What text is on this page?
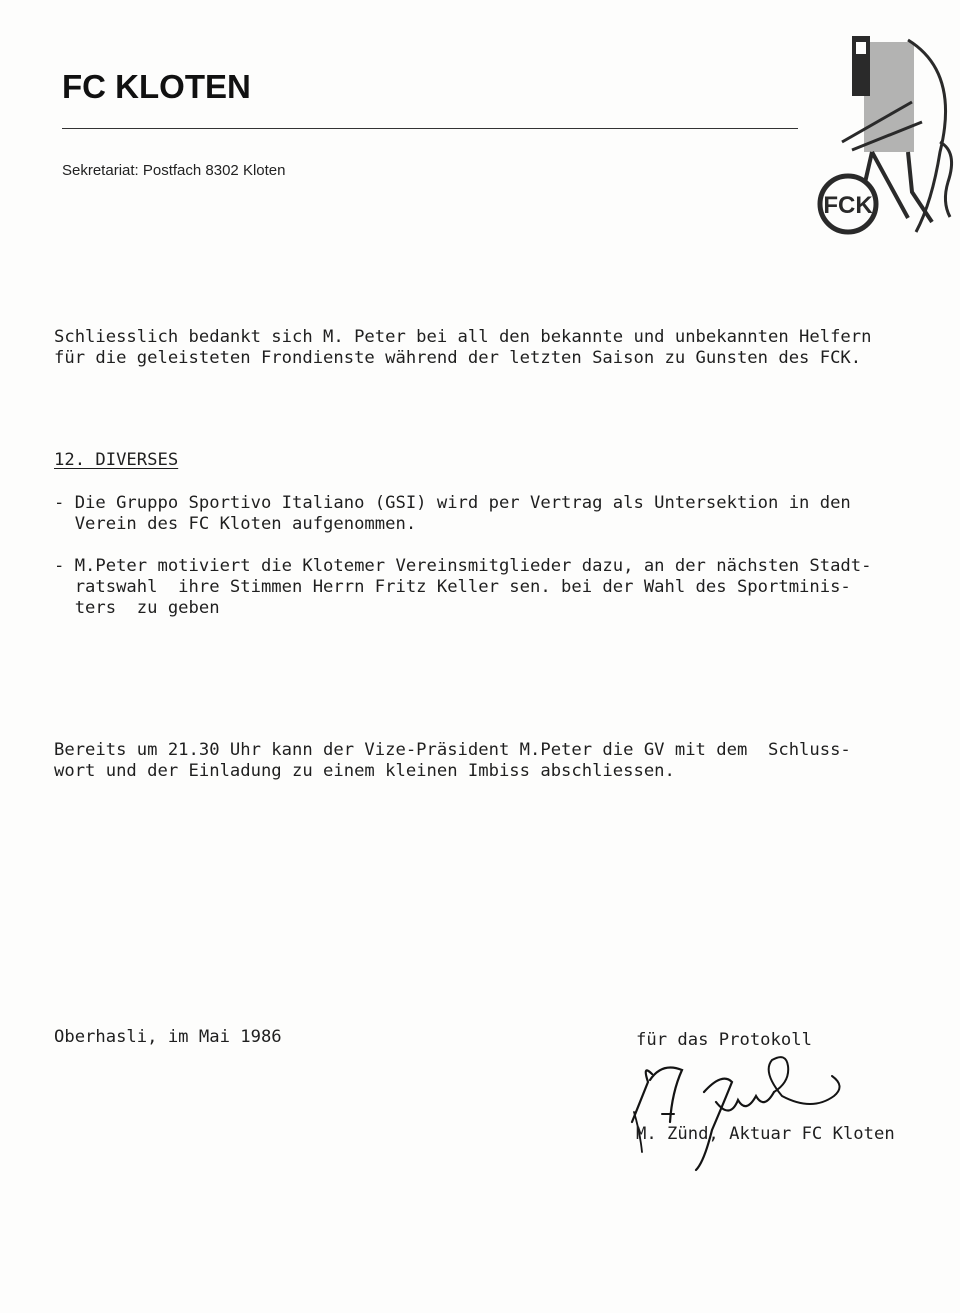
FC KLOTEN
Sekretariat: Postfach 8302 Kloten
FCK

Schliesslich bedankt sich M. Peter bei all den bekannte und unbekannten Helfern

für die geleisteten Frondienste während der letzten Saison zu Gunsten des FCK.

12. DIVERSES

- Die Gruppo Sportivo Italiano (GSI) wird per Vertrag als Untersektion in den

Verein des FC Kloten aufgenommen.

- M.Peter motiviert die Klotemer Vereinsmitglieder dazu, an der nächsten Stadt-

ratswahl  ihre Stimmen Herrn Fritz Keller sen. bei der Wahl des Sportminis-

ters  zu geben

Bereits um 21.30 Uhr kann der Vize-Präsident M.Peter die GV mit dem  Schluss-

wort und der Einladung zu einem kleinen Imbiss abschliessen.

Oberhasli, im Mai 1986	für das Protokoll

M. Zünd, Aktuar FC Kloten
